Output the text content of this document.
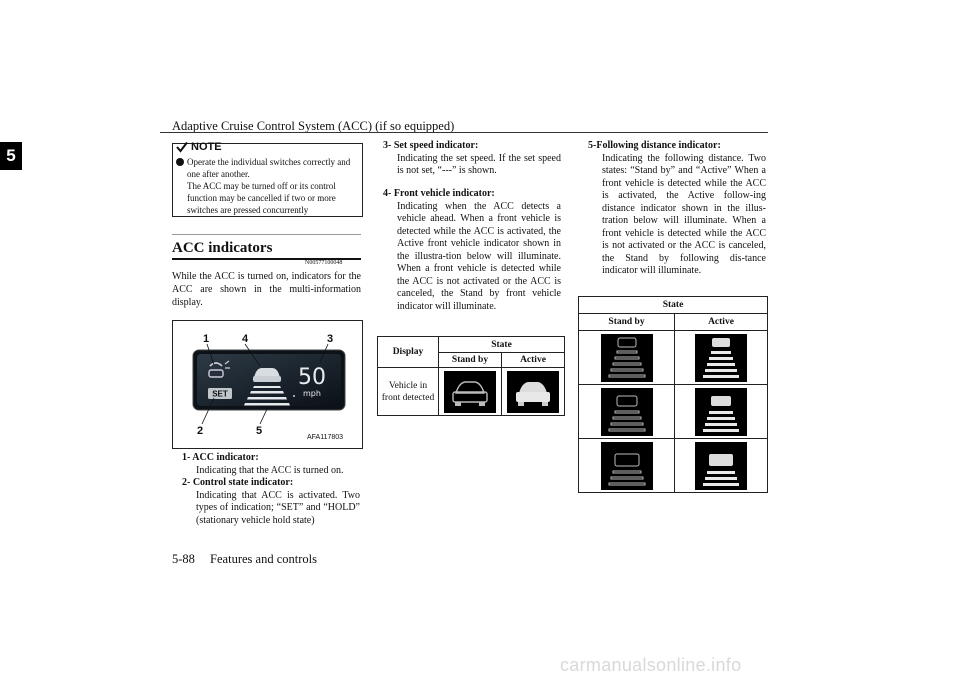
Adaptive Cruise Control System (ACC) (if so equipped)
5	NOTE
Operate the individual switches correctly and
one after another.
The ACC may be turned off or its control
function may be cancelled if two or more
switches are pressed concurrently
ACC indicators
N00577100048
While the ACC is turned on, indicators for the ACC are shown in the multi-information display.
SET
50
mph
1	4	3
2	5
AFA117803
1- ACC indicator:
Indicating that the ACC is turned on.
2- Control state indicator:
Indicating that ACC is activated. Two types of indication; “SET” and “HOLD” (stationary vehicle hold state)
3- Set speed indicator:
Indicating the set speed. If the set speed is not set, “---” is shown.
4- Front vehicle indicator:
Indicating when the ACC detects a vehicle ahead. When a front vehicle is detected while the ACC is activated, the Active front vehicle indicator shown in the illustra-tion below will illuminate. When a front vehicle is detected while the ACC is not activated or the ACC is canceled, the Stand by front vehicle indicator will illuminate.
5-Following distance indicator:
Indicating the following distance. Two states: “Stand by” and “Active” When a front vehicle is detected while the ACC is activated, the Active follow-ing distance indicator shown in the illus-tration below will illuminate. When a front vehicle is detected while the ACC is not activated or the ACC is canceled, the Stand by following dis-tance indicator will illuminate.
Display	State	
	Stand by	Active
Vehicle in front detected	

State	
Stand by	Active

5-88 Features and controls
carmanualsonline.info
